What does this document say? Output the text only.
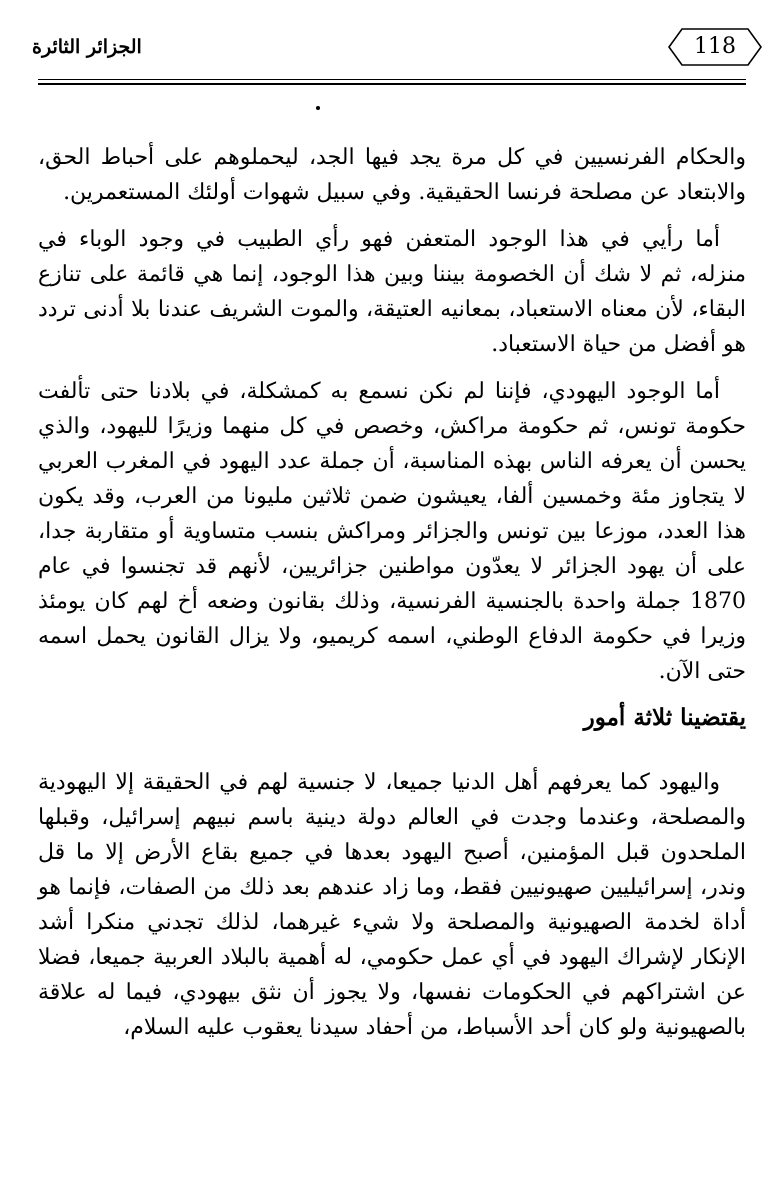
الجزائر الثائرة	118

والحكام الفرنسيين في كل مرة يجد فيها الجد، ليحملوهم على أحباط الحق، والابتعاد عن مصلحة فرنسا الحقيقية. وفي سبيل شهوات أولئك المستعمرين.

أما رأيي في هذا الوجود المتعفن فهو رأي الطبيب في وجود الوباء في منزله، ثم لا شك أن الخصومة بيننا وبين هذا الوجود، إنما هي قائمة على تنازع البقاء، لأن معناه الاستعباد، بمعانيه العتيقة، والموت الشريف عندنا بلا أدنى تردد هو أفضل من حياة الاستعباد.

أما الوجود اليهودي، فإننا لم نكن نسمع به كمشكلة، في بلادنا حتى تألفت حكومة تونس، ثم حكومة مراكش، وخصص في كل منهما وزيرًا لليهود، والذي يحسن أن يعرفه الناس بهذه المناسبة، أن جملة عدد اليهود في المغرب العربي لا يتجاوز مئة وخمسين ألفا، يعيشون ضمن ثلاثين مليونا من العرب، وقد يكون هذا العدد، موزعا بين تونس والجزائر ومراكش بنسب متساوية أو متقاربة جدا، على أن يهود الجزائر لا يعدّون مواطنين جزائريين، لأنهم قد تجنسوا في عام 1870 جملة واحدة بالجنسية الفرنسية، وذلك بقانون وضعه أخ لهم كان يومئذ وزيرا في حكومة الدفاع الوطني، اسمه كريميو، ولا يزال القانون يحمل اسمه حتى الآن.

يقتضينا ثلاثة أمور

واليهود كما يعرفهم أهل الدنيا جميعا، لا جنسية لهم في الحقيقة إلا اليهودية والمصلحة، وعندما وجدت في العالم دولة دينية باسم نبيهم إسرائيل، وقبلها الملحدون قبل المؤمنين، أصبح اليهود بعدها في جميع بقاع الأرض إلا ما قل وندر، إسرائيليين صهيونيين فقط، وما زاد عندهم بعد ذلك من الصفات، فإنما هو أداة لخدمة الصهيونية والمصلحة ولا شيء غيرهما، لذلك تجدني منكرا أشد الإنكار لإشراك اليهود في أي عمل حكومي، له أهمية بالبلاد العربية جميعا، فضلا عن اشتراكهم في الحكومات نفسها، ولا يجوز أن نثق بيهودي، فيما له علاقة بالصهيونية ولو كان أحد الأسباط، من أحفاد سيدنا يعقوب عليه السلام،
